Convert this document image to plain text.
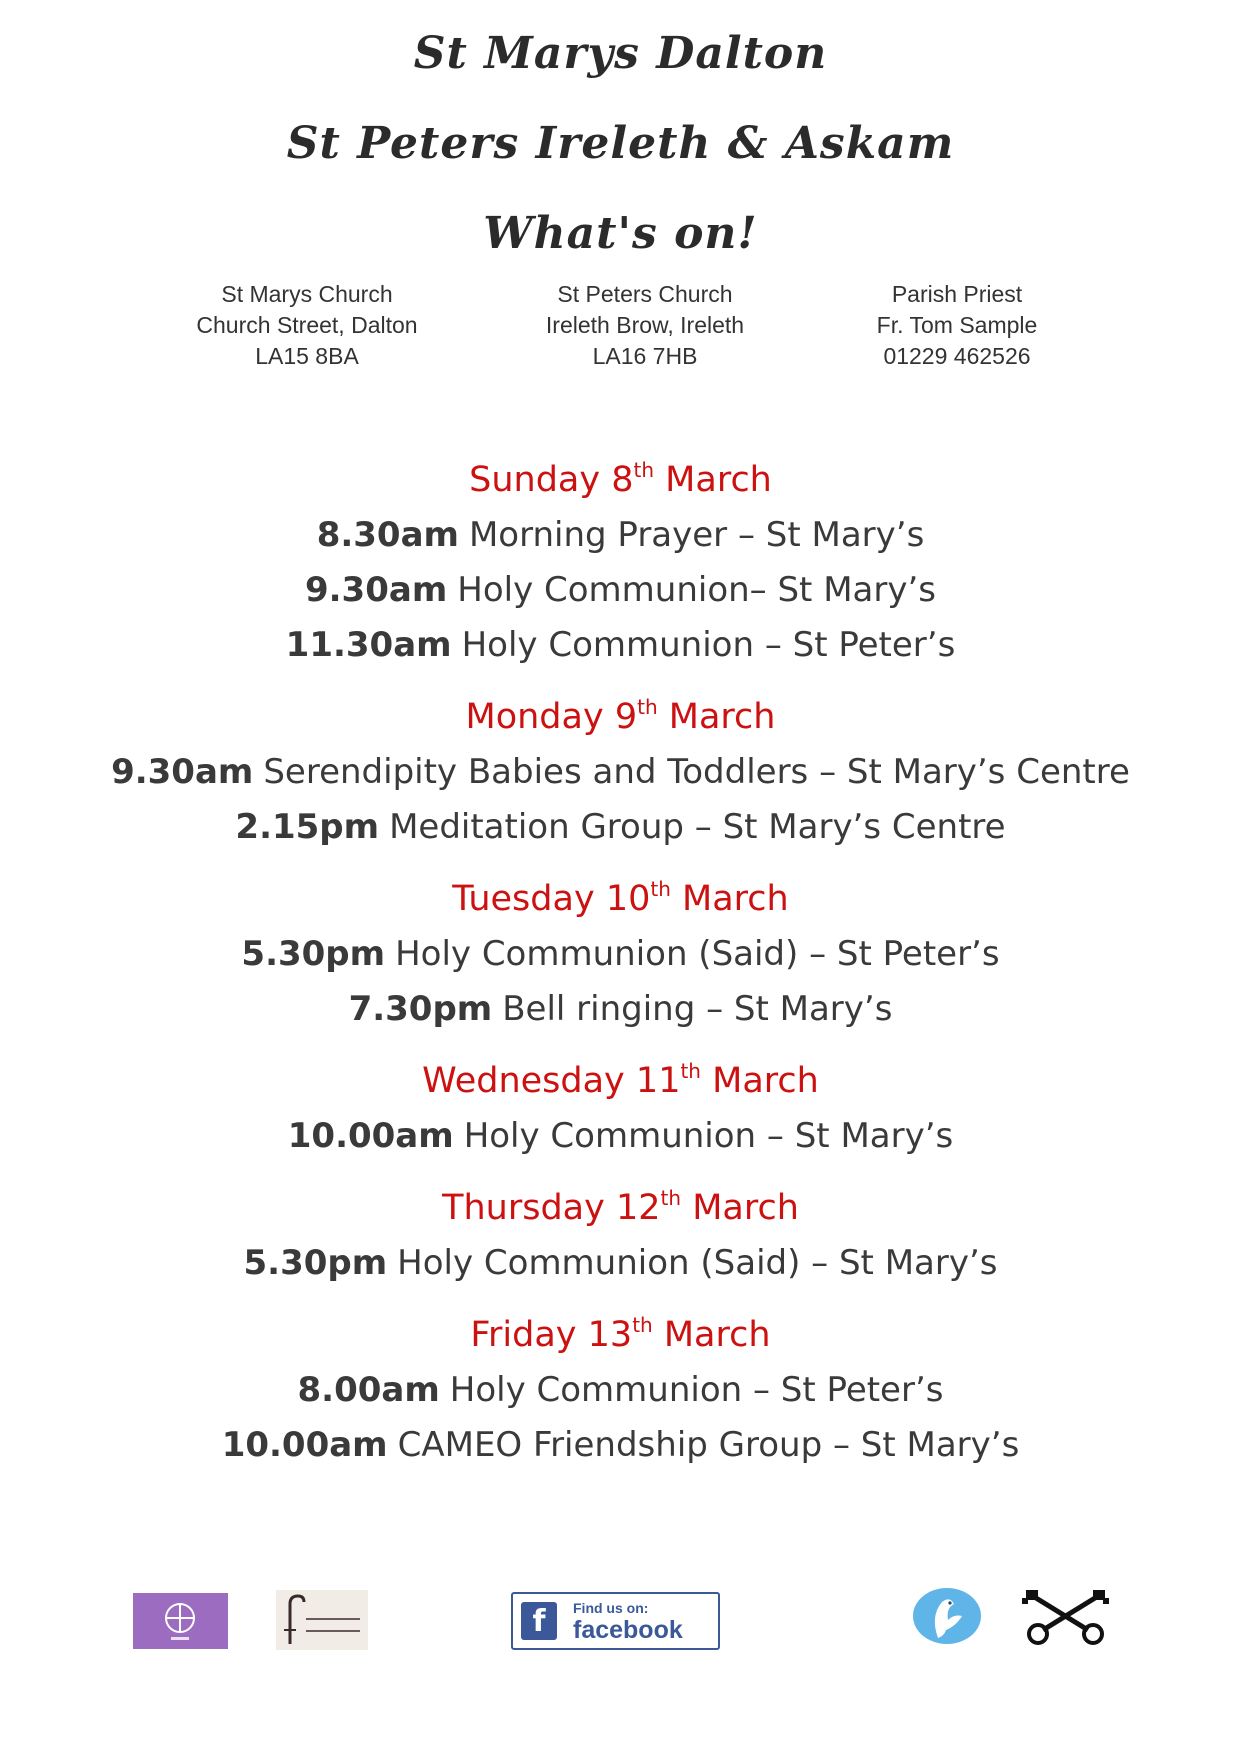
St Marys Dalton
St Peters Ireleth & Askam
What's on!
St Marys Church
Church Street, Dalton
LA15 8BA
St Peters Church
Ireleth Brow, Ireleth
LA16 7HB
Parish Priest
Fr. Tom Sample
01229 462526
Sunday 8th March
8.30am Morning Prayer – St Mary’s
9.30am Holy Communion– St Mary’s
11.30am Holy Communion – St Peter’s
Monday 9th March
9.30am Serendipity Babies and Toddlers – St Mary’s Centre
2.15pm Meditation Group – St Mary’s Centre
Tuesday 10th March
5.30pm Holy Communion (Said) – St Peter’s
7.30pm Bell ringing – St Mary’s
Wednesday 11th March
10.00am Holy Communion – St Mary’s
Thursday 12th March
5.30pm Holy Communion (Said) – St Mary’s
Friday 13th March
8.00am Holy Communion – St Peter’s
10.00am CAMEO Friendship Group – St Mary’s
f	Find us on:
facebook
